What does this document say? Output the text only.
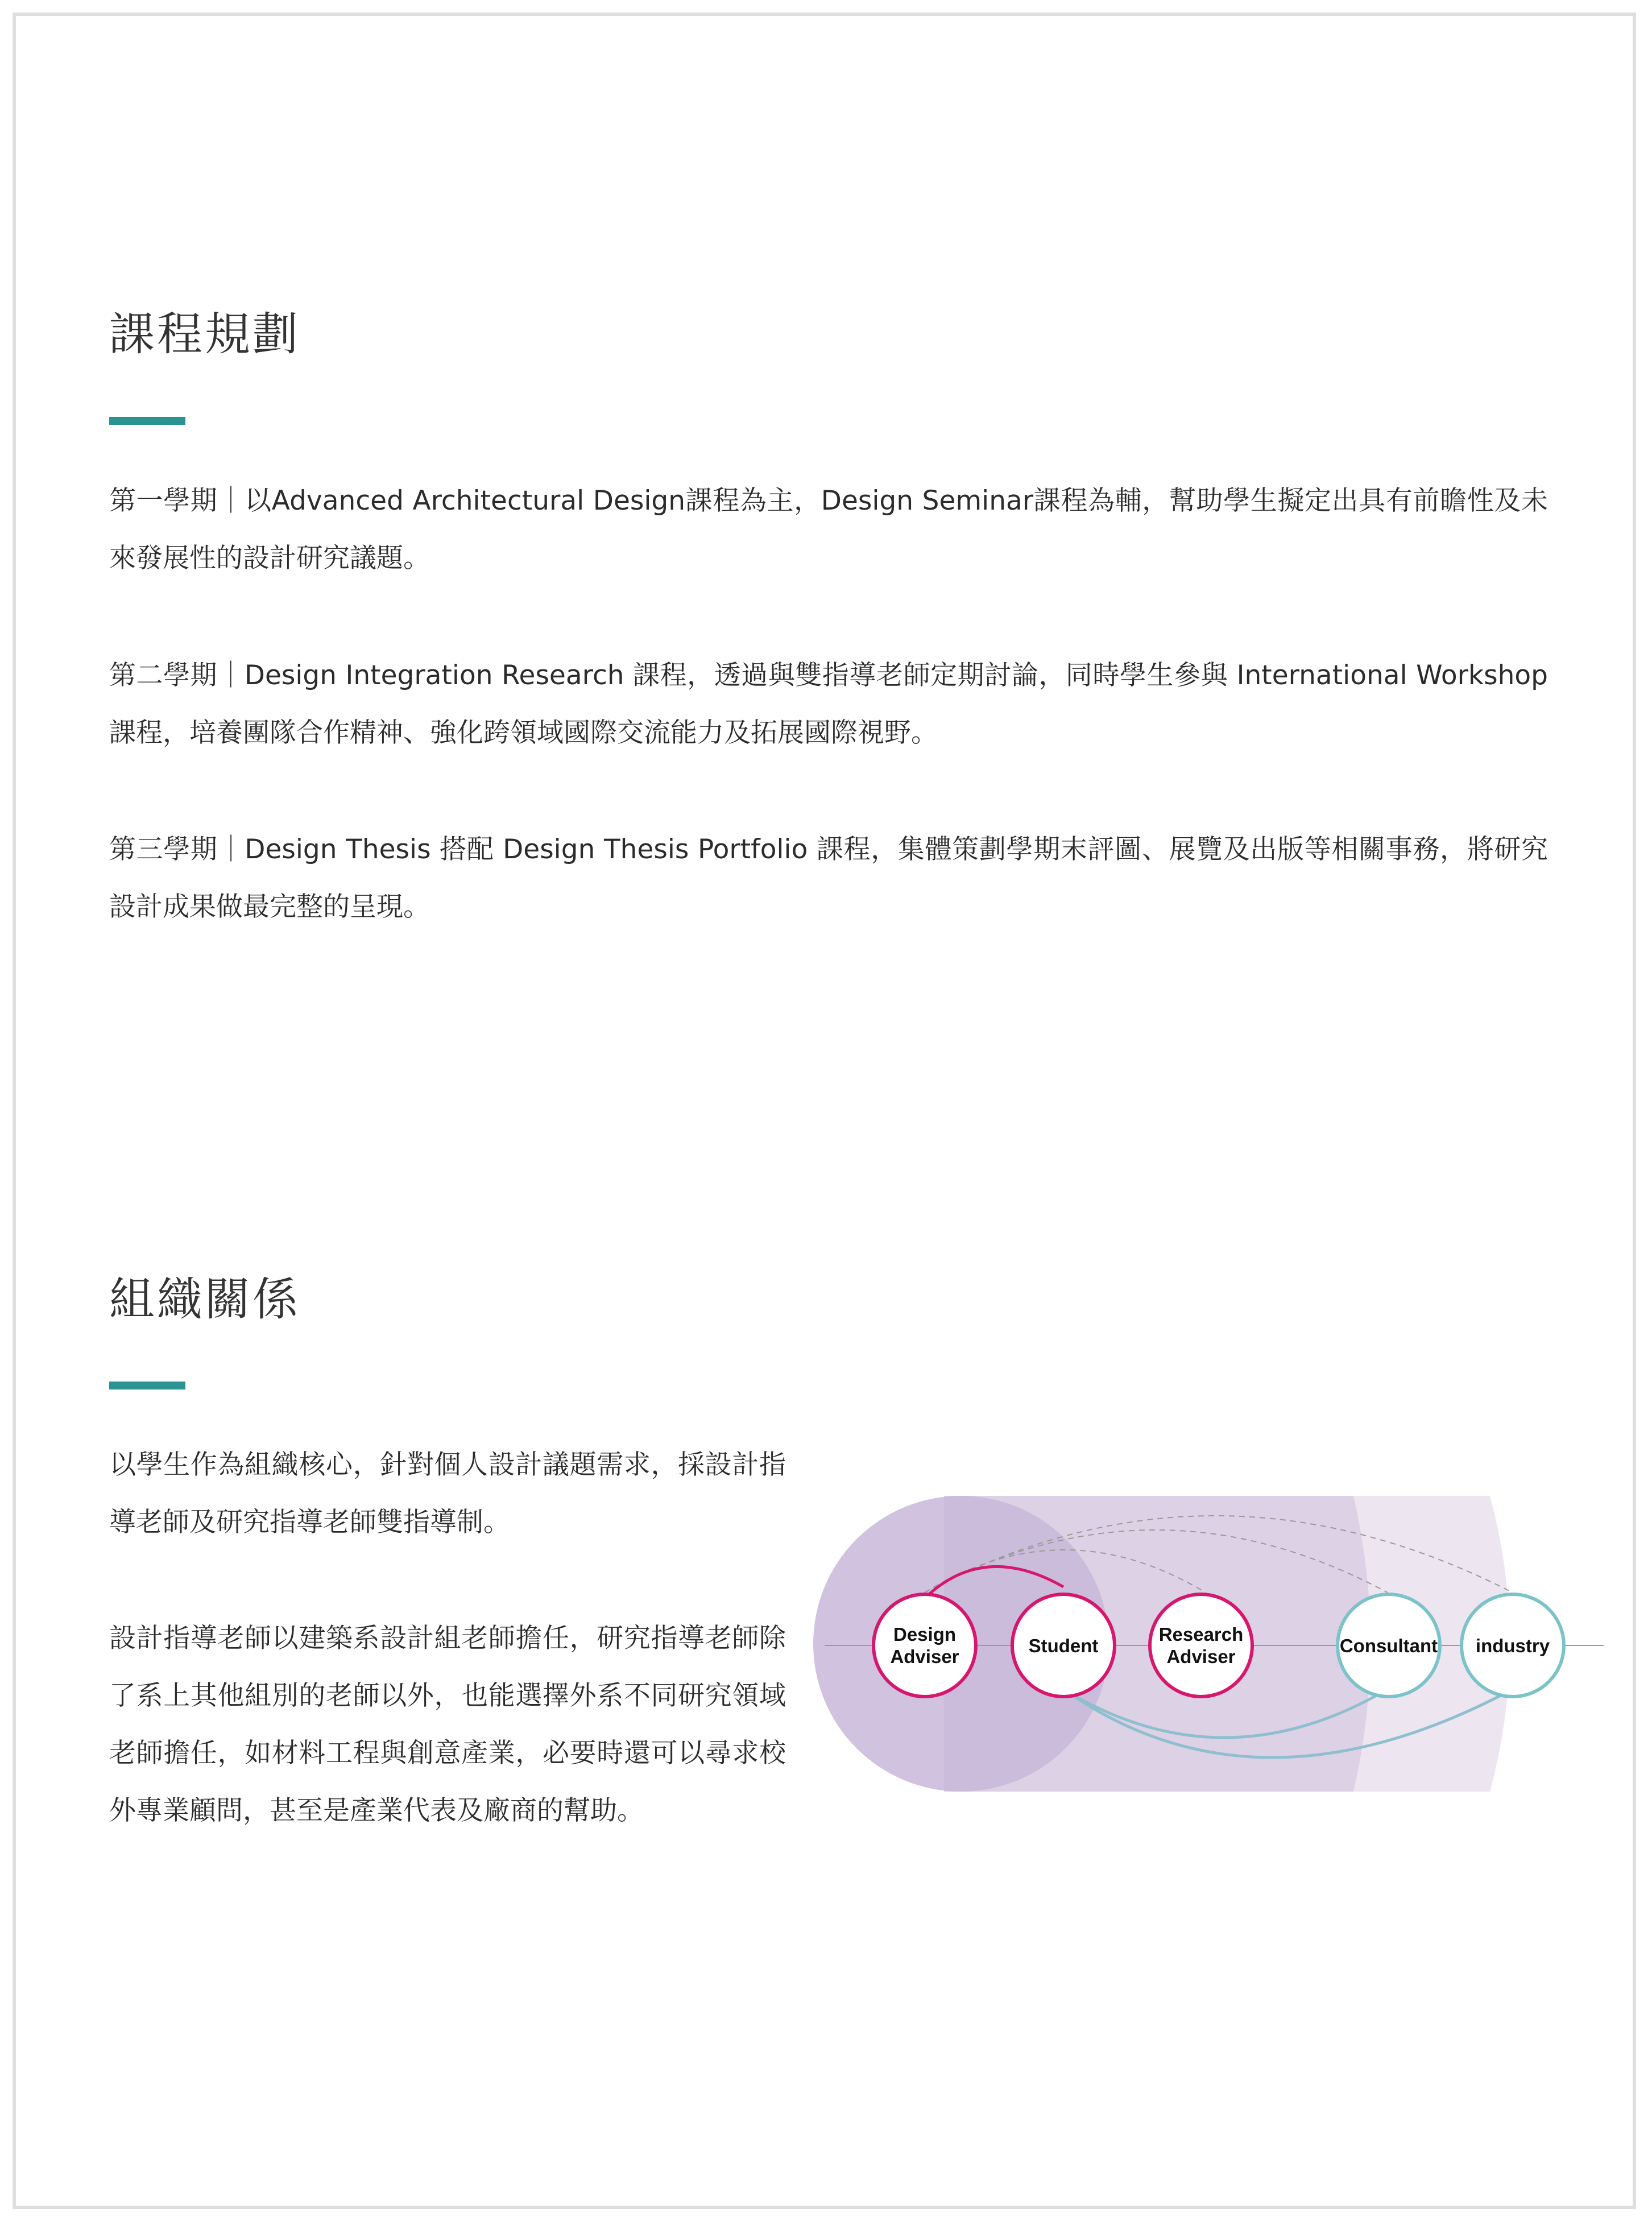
課程規劃

第一學期｜以Advanced Architectural Design課程為主，Design Seminar課程為輔，幫助學生擬定出具有前瞻性及未來發展性的設計研究議題。

第二學期｜Design Integration Research 課程，透過與雙指導老師定期討論，同時學生參與 International Workshop 課程，培養團隊合作精神、強化跨領域國際交流能力及拓展國際視野。

第三學期｜Design Thesis 搭配 Design Thesis Portfolio 課程，集體策劃學期末評圖、展覽及出版等相關事務，將研究設計成果做最完整的呈現。

組織關係

以學生作為組織核心，針對個人設計議題需求，採設計指導老師及研究指導老師雙指導制。

設計指導老師以建築系設計組老師擔任，研究指導老師除了系上其他組別的老師以外，也能選擇外系不同研究領域老師擔任，如材料工程與創意產業，必要時還可以尋求校外專業顧問，甚至是產業代表及廠商的幫助。

Design
Adviser
Student
Research
Adviser
Consultant industry
